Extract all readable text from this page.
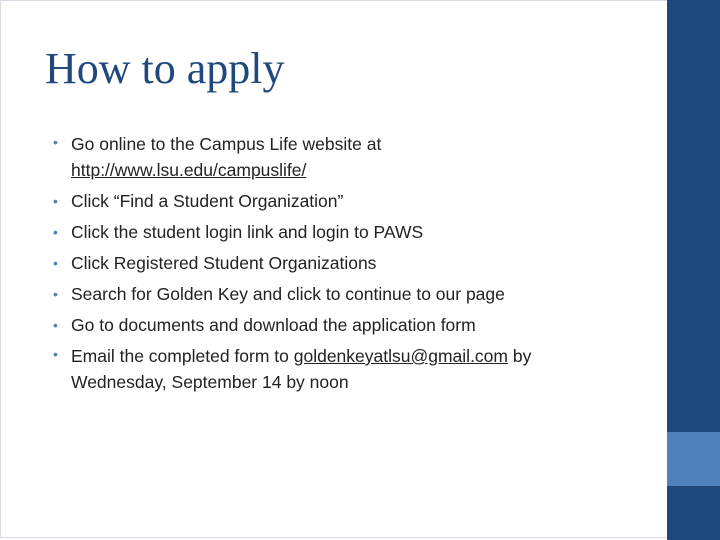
How to apply
• Go online to the Campus Life website at
http://www.lsu.edu/campuslife/
• Click “Find a Student Organization”
• Click the student login link and login to PAWS
• Click Registered Student Organizations
• Search for Golden Key and click to continue to our page
• Go to documents and download the application form
• Email the completed form to goldenkeyatlsu@gmail.com by Wednesday, September 14 by noon
